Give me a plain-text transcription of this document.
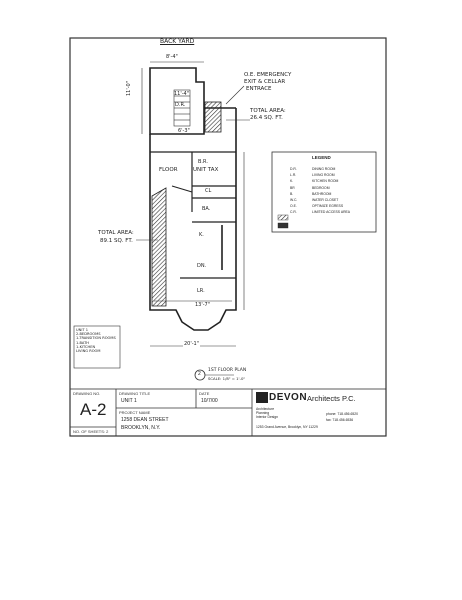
BACK YARD
8'-4"
11'-0"	11'-4"
D.R.
6'-3"
O.E. EMERGENCY
EXIT & CELLAR
ENTRACE
TOTAL AREA:
26.4 SQ. FT.
B.R.
FLOOR	UNIT TAX
CL
BA.
K.
DN.
LR.
TOTAL AREA:
89.1 SQ. FT.
13'-7"
20'-1"
UNIT 1
2-BEDROOMS
1-TRANSITION ROOMS
1-BATH
1-KITCHEN
LIVING ROOM
LEGEND
D.R.	DINING ROOM
L.R.	LIVING ROOM
K.	KITCHEN ROOM
BR	BEDROOM
B.	BATHROOM
W.C.	WATER CLOSET
O.E.	OPTIMIZE EGRESS
C.R.	LIMITED ACCESS AREA
2
1ST FLOOR PLAN
SCALE: 1/8" = 1'-0"
DRAWING NO.
A-2
NO. OF SHEETS: 2
DRAWING TITLE
UNIT 1
DATE
10/7/00
PROJECT NAME
1258 DEAN STREET
BROOKLYN, N.Y.
DEVON Architects P.C.
Architecture
Planning
Interior Design
phone: 718.456.6520
fax: 718.456.6536
1253 Grand Avenue, Brooklyn, NY 11229
